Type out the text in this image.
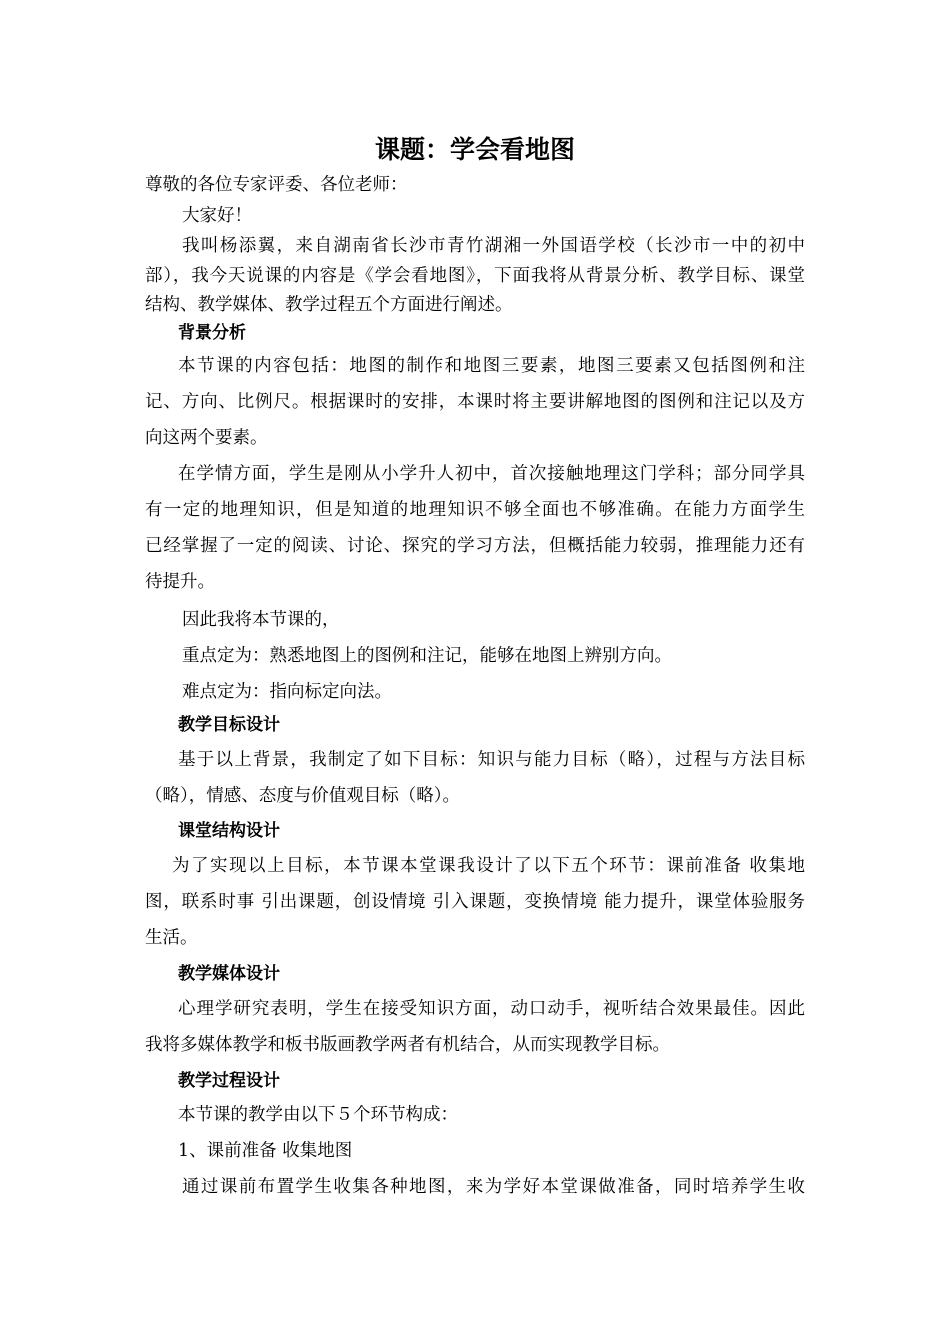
课题：学会看地图

尊敬的各位专家评委、各位老师：

大家好！

我叫杨添翼，来自湖南省长沙市青竹湖湘一外国语学校（长沙市一中的初中

部），我今天说课的内容是《学会看地图》，下面我将从背景分析、教学目标、课堂

结构、教学媒体、教学过程五个方面进行阐述。

背景分析

本节课的内容包括：地图的制作和地图三要素，地图三要素又包括图例和注

记、方向、比例尺。根据课时的安排，本课时将主要讲解地图的图例和注记以及方

向这两个要素。

在学情方面，学生是刚从小学升人初中，首次接触地理这门学科；部分同学具

有一定的地理知识，但是知道的地理知识不够全面也不够准确。在能力方面学生

已经掌握了一定的阅读、讨论、探究的学习方法，但概括能力较弱，推理能力还有

待提升。

因此我将本节课的，

重点定为：熟悉地图上的图例和注记，能够在地图上辨别方向。

难点定为：指向标定向法。

教学目标设计

基于以上背景，我制定了如下目标：知识与能力目标（略），过程与方法目标

（略），情感、态度与价值观目标（略）。

课堂结构设计

为了实现以上目标，本节课本堂课我设计了以下五个环节：课前准备 收集地

图，联系时事 引出课题，创设情境 引入课题，变换情境 能力提升，课堂体验服务

生活。

教学媒体设计

心理学研究表明，学生在接受知识方面，动口动手，视听结合效果最佳。因此

我将多媒体教学和板书版画教学两者有机结合，从而实现教学目标。

教学过程设计

本节课的教学由以下５个环节构成：

1、课前准备 收集地图

通过课前布置学生收集各种地图，来为学好本堂课做准备，同时培养学生收
